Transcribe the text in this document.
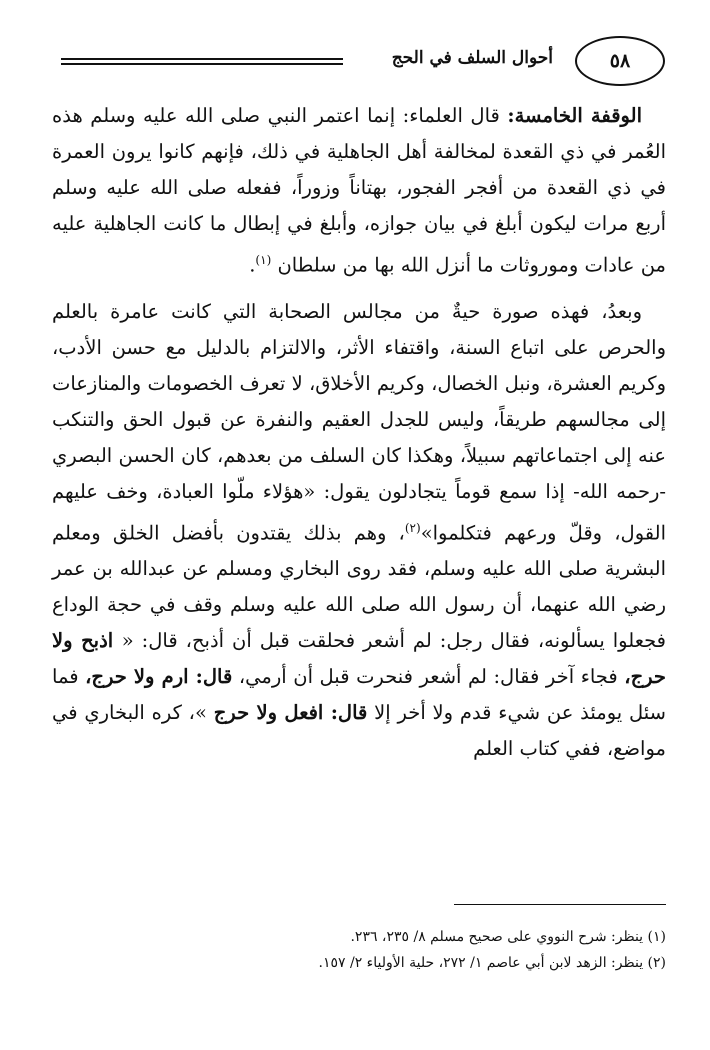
٥٨
أحوال السلف في الحج

الوقفة الخامسة: قال العلماء: إنما اعتمر النبي صلى الله عليه وسلم هذه العُمر في ذي القعدة لمخالفة أهل الجاهلية في ذلك، فإنهم كانوا يرون العمرة في ذي القعدة من أفجر الفجور، بهتاناً وزوراً، ففعله صلى الله عليه وسلم أربع مرات ليكون أبلغ في بيان جوازه، وأبلغ في إبطال ما كانت الجاهلية عليه من عادات وموروثات ما أنزل الله بها من سلطان $^{(١)}$.

وبعدُ، فهذه صورة حيةٌ من مجالس الصحابة التي كانت عامرة بالعلم والحرص على اتباع السنة، واقتفاء الأثر، والالتزام بالدليل مع حسن الأدب، وكريم العشرة، ونبل الخصال، وكريم الأخلاق، لا تعرف الخصومات والمنازعات إلى مجالسهم طريقاً، وليس للجدل العقيم والنفرة عن قبول الحق والتنكب عنه إلى اجتماعاتهم سبيلاً، وهكذا كان السلف من بعدهم، كان الحسن البصري -رحمه الله- إذا سمع قوماً يتجادلون يقول: «هؤلاء ملّوا العبادة، وخف عليهم القول، وقلّ ورعهم فتكلموا»$^{(٢)}$، وهم بذلك يقتدون بأفضل الخلق ومعلم البشرية صلى الله عليه وسلم، فقد روى البخاري ومسلم عن عبدالله بن عمر رضي الله عنهما، أن رسول الله صلى الله عليه وسلم وقف في حجة الوداع فجعلوا يسألونه، فقال رجل: لم أشعر فحلقت قبل أن أذبح، قال: « اذبح ولا حرج، فجاء آخر فقال: لم أشعر فنحرت قبل أن أرمي، قال: ارم ولا حرج، فما سئل يومئذ عن شيء قدم ولا أخر إلا قال: افعل ولا حرج »، كره البخاري في مواضع، ففي كتاب العلم

(١) ينظر: شرح النووي على صحيح مسلم ٨/ ٢٣٥، ٢٣٦.
(٢) ينظر: الزهد لابن أبي عاصم ١/ ٢٧٢، حلية الأولياء ٢/ ١٥٧.
